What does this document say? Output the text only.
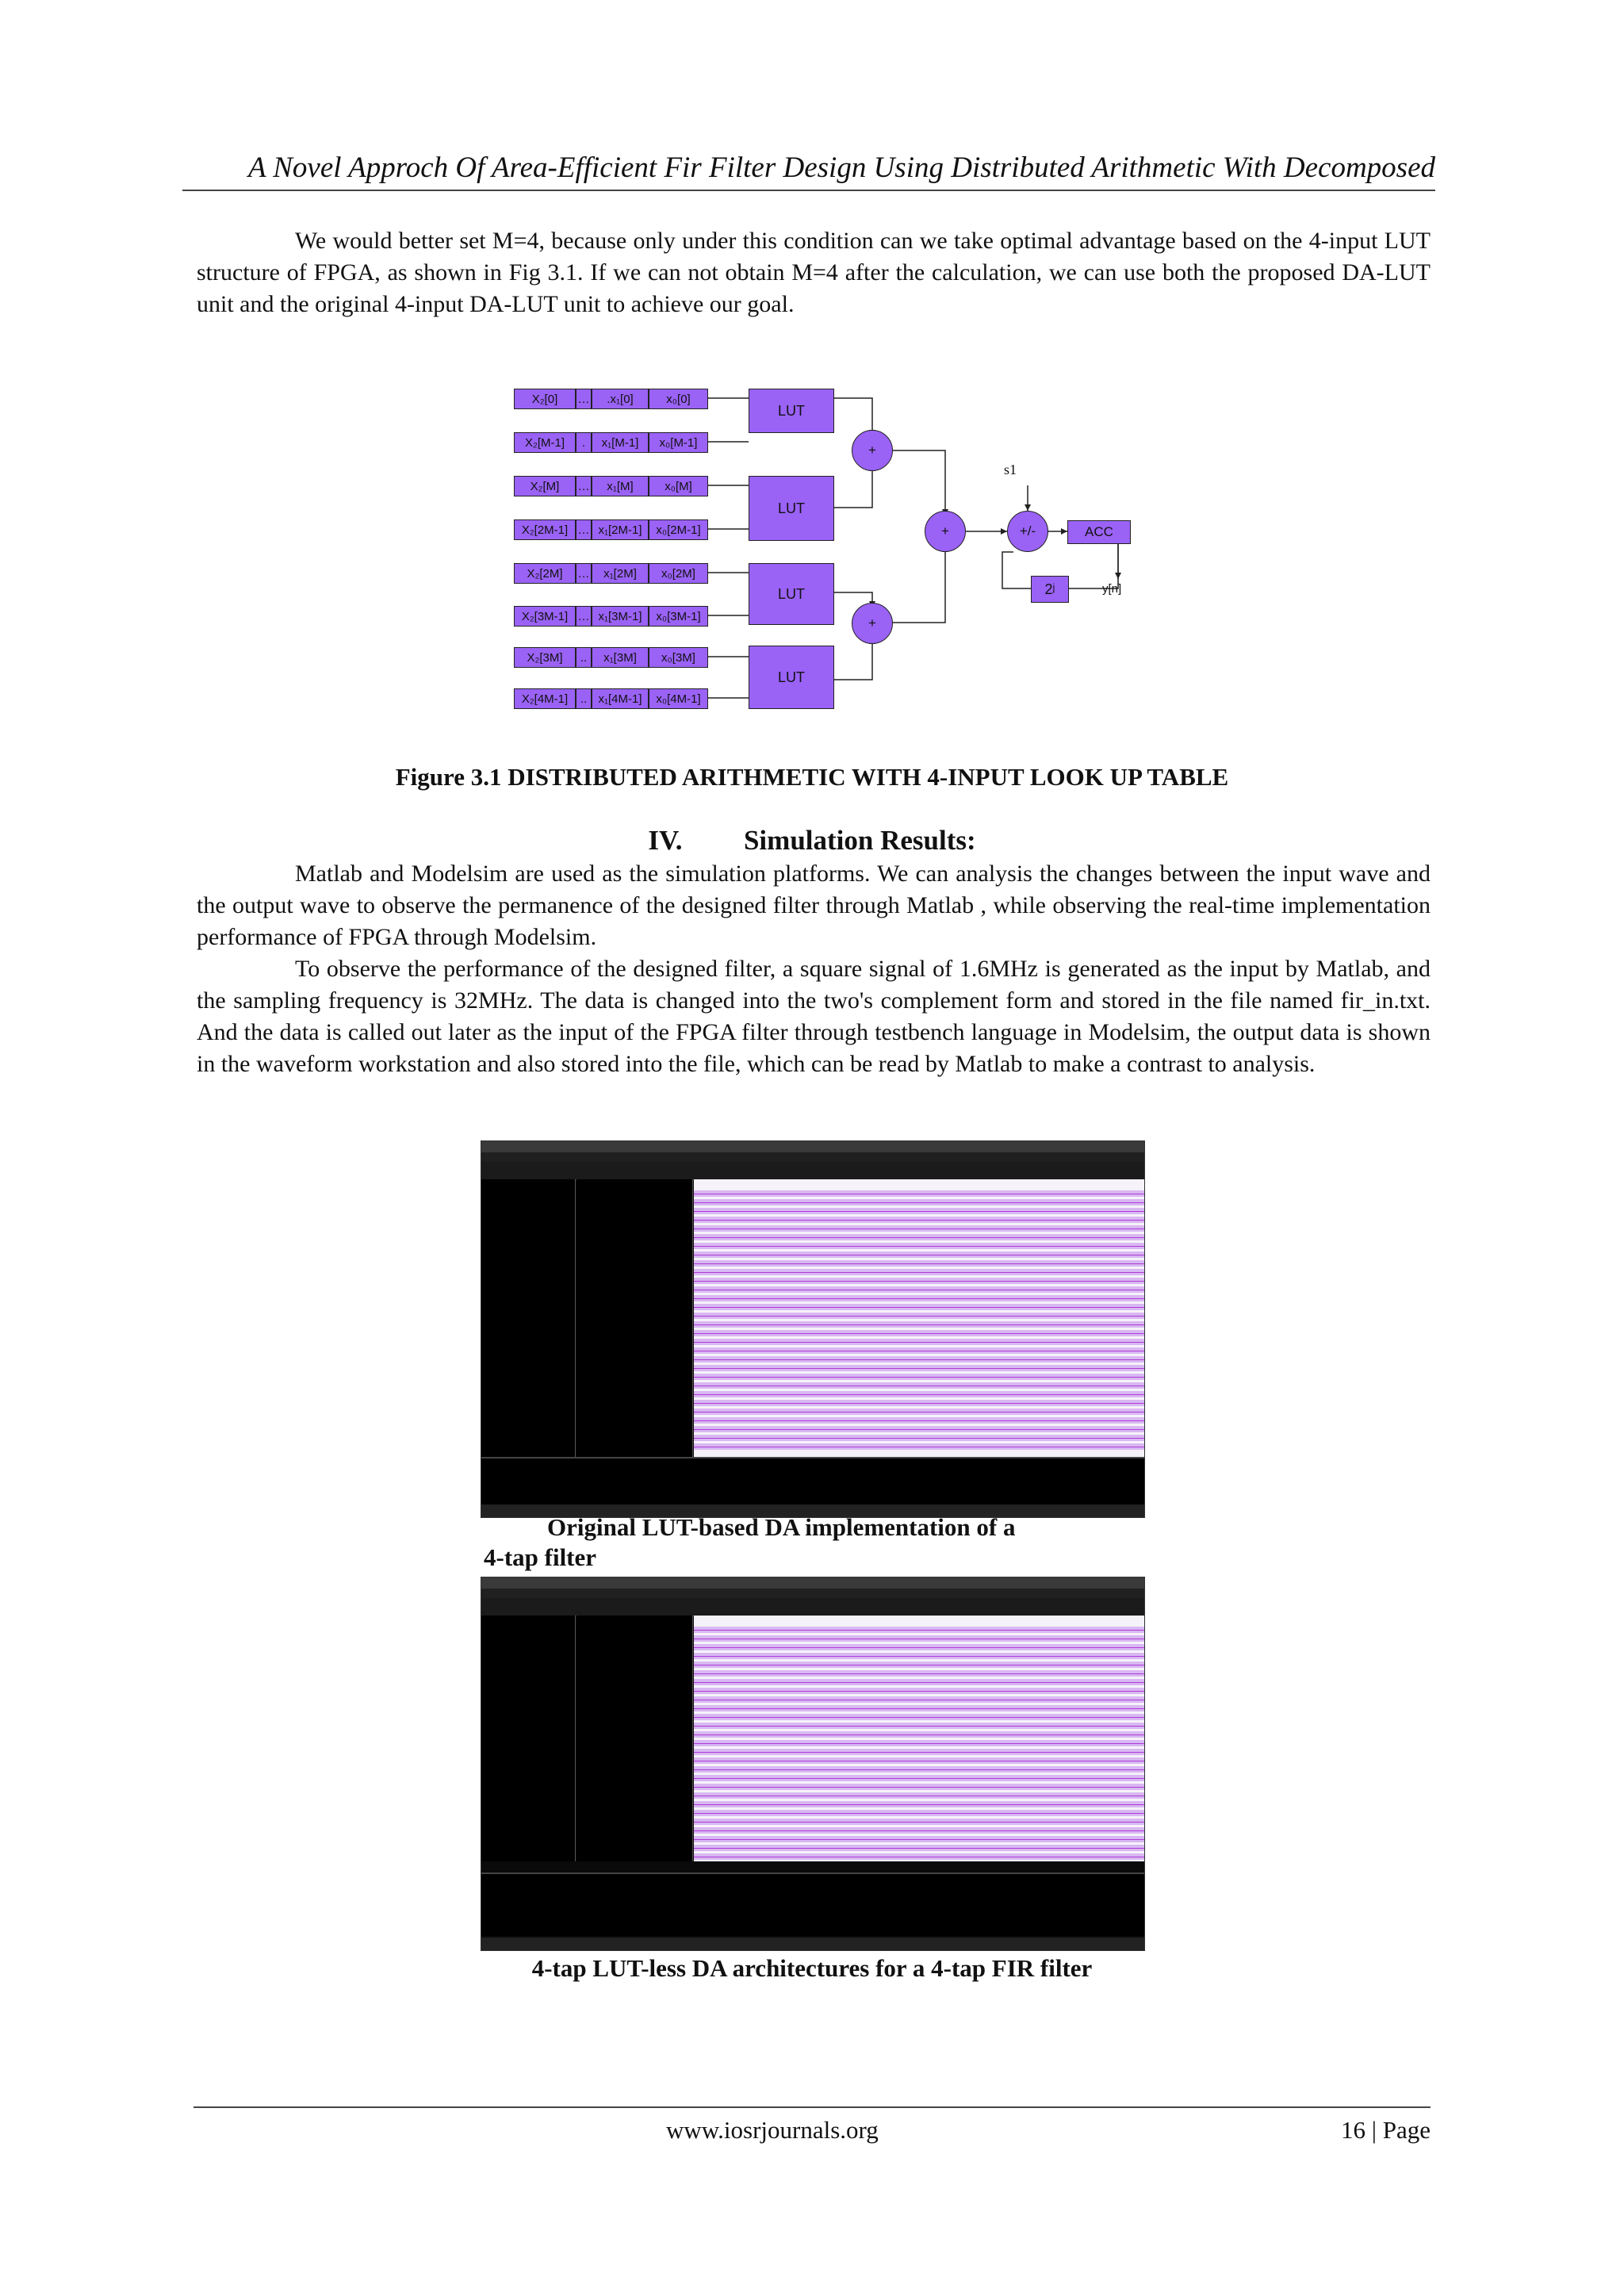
A Novel Approch Of Area-Efficient Fir Filter Design Using Distributed Arithmetic With Decomposed
We would better set M=4, because only under this condition can we take optimal advantage based on the 4-input LUT structure of FPGA, as shown in Fig 3.1. If we can not obtain M=4 after the calculation, we can use both the proposed DA-LUT unit and the original 4-input DA-LUT unit to achieve our goal.
X₂[0]	…	.x₁[0]	x₀[0]
X₂[M-1]	.	x₁[M-1]	x₀[M-1]
X₂[M]	…	x₁[M]	x₀[M]
X₂[2M-1] … x₁[2M-1]	x₀[2M-1]
X₂[2M]	…	x₁[2M]	x₀[2M]
X₂[3M-1] … x₁[3M-1]	x₀[3M-1]
X₂[3M]	..	x₁[3M]	x₀[3M]
X₂[4M-1]	.. x₁[4M-1]	x₀[4M-1]
LUT
LUT
LUT
LUT
+
+
+	+/-	ACC
2ʲ
s1
y[n]
Figure 3.1 DISTRIBUTED ARITHMETIC WITH 4-INPUT LOOK UP TABLE
IV. Simulation Results:
Matlab and Modelsim are used as the simulation platforms. We can analysis the changes between the input wave and the output wave to observe the permanence of the designed filter through Matlab , while observing the real-time implementation performance of FPGA through Modelsim.
To observe the performance of the designed filter, a square signal of 1.6MHz is generated as the input by Matlab, and the sampling frequency is 32MHz. The data is changed into the two's complement form and stored in the file named fir_in.txt. And the data is called out later as the input of the FPGA filter through testbench language in Modelsim, the output data is shown in the waveform workstation and also stored into the file, which can be read by Matlab to make a contrast to analysis.
Original LUT-based DA implementation of a
4-tap filter
4-tap LUT-less DA architectures for a 4-tap FIR filter
www.iosrjournals.org	16 | Page
